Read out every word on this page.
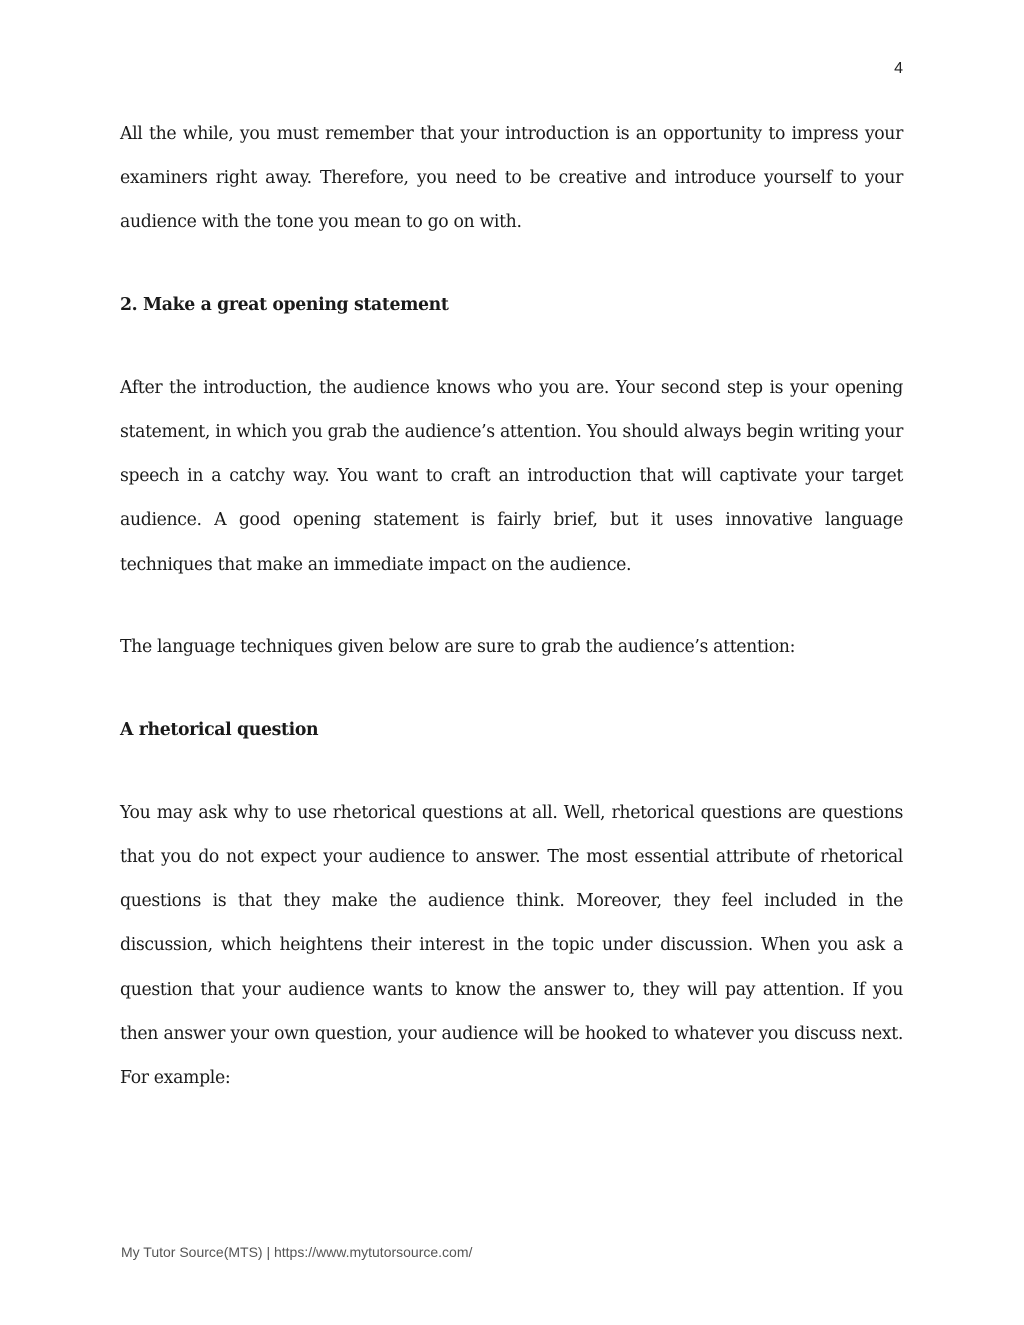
4

All the while, you must remember that your introduction is an opportunity to impress your examiners right away. Therefore, you need to be creative and introduce yourself to your audience with the tone you mean to go on with.

2. Make a great opening statement

After the introduction, the audience knows who you are. Your second step is your opening statement, in which you grab the audience’s attention. You should always begin writing your speech in a catchy way. You want to craft an introduction that will captivate your target audience. A good opening statement is fairly brief, but it uses innovative language techniques that make an immediate impact on the audience.

The language techniques given below are sure to grab the audience’s attention:

A rhetorical question

You may ask why to use rhetorical questions at all. Well, rhetorical questions are questions that you do not expect your audience to answer. The most essential attribute of rhetorical questions is that they make the audience think. Moreover, they feel included in the discussion, which heightens their interest in the topic under discussion. When you ask a question that your audience wants to know the answer to, they will pay attention. If you then answer your own question, your audience will be hooked to whatever you discuss next. For example:

My Tutor Source(MTS) | https://www.mytutorsource.com/
